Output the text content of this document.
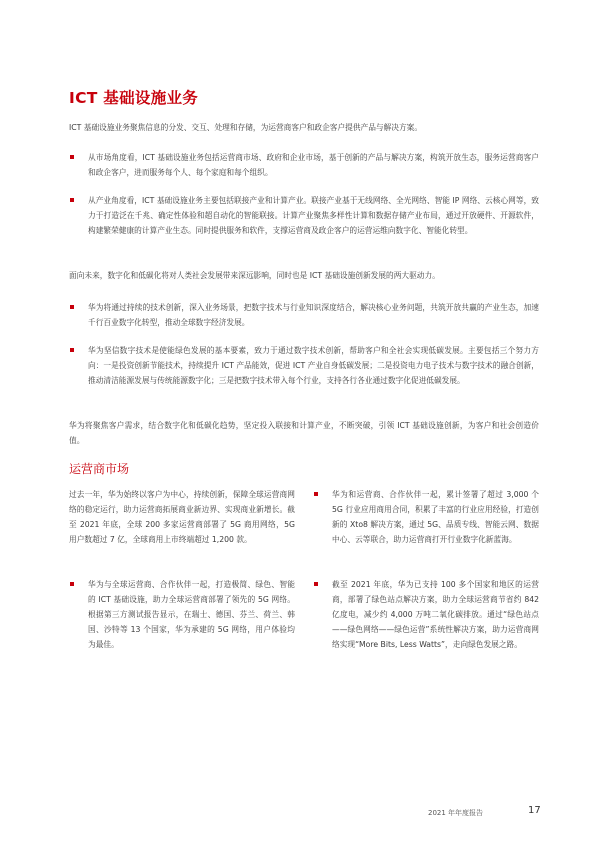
ICT 基础设施业务

ICT 基础设施业务聚焦信息的分发、交互、处理和存储，为运营商客户和政企客户提供产品与解决方案。

从市场角度看，ICT 基础设施业务包括运营商市场、政府和企业市场，基于创新的产品与解决方案，构筑开放生态，服务运营商客户和政企客户，进而服务每个人、每个家庭和每个组织。
从产业角度看，ICT 基础设施业务主要包括联接产业和计算产业。联接产业基于无线网络、全光网络、智能 IP 网络、云核心网等，致力于打造泛在千兆、确定性体验和超自动化的智能联接。计算产业聚焦多样性计算和数据存储产业布局，通过开放硬件、开源软件，构建繁荣健康的计算产业生态。同时提供服务和软件，支撑运营商及政企客户的运营运维向数字化、智能化转型。

面向未来，数字化和低碳化将对人类社会发展带来深远影响，同时也是 ICT 基础设施创新发展的两大驱动力。

华为将通过持续的技术创新，深入业务场景，把数字技术与行业知识深度结合，解决核心业务问题，共筑开放共赢的产业生态，加速千行百业数字化转型，推动全球数字经济发展。
华为坚信数字技术是使能绿色发展的基本要素，致力于通过数字技术创新，帮助客户和全社会实现低碳发展。主要包括三个努力方向：一是投资创新节能技术，持续提升 ICT 产品能效，促进 ICT 产业自身低碳发展；二是投资电力电子技术与数字技术的融合创新，推动清洁能源发展与传统能源数字化；三是把数字技术带入每个行业，支持各行各业通过数字化促进低碳发展。

华为将聚焦客户需求，结合数字化和低碳化趋势，坚定投入联接和计算产业，不断突破，引领 ICT 基础设施创新，为客户和社会创造价值。

运营商市场

过去一年，华为始终以客户为中心，持续创新，保障全球运营商网络的稳定运行，助力运营商拓展商业新边界、实现商业新增长。截至 2021 年底，全球 200 多家运营商部署了 5G 商用网络，5G 用户数超过 7 亿，全球商用上市终端超过 1,200 款。

华为与全球运营商、合作伙伴一起，打造极简、绿色、智能的 ICT 基础设施，助力全球运营商部署了领先的 5G 网络。根据第三方测试报告显示，在瑞士、德国、芬兰、荷兰、韩国、沙特等 13 个国家，华为承建的 5G 网络，用户体验均为最佳。
华为和运营商、合作伙伴一起，累计签署了超过 3,000 个 5G 行业应用商用合同，积累了丰富的行业应用经验，打造创新的 Xto8 解决方案，通过 5G、品质专线、智能云网、数据中心、云等联合，助力运营商打开行业数字化新蓝海。
截至 2021 年底，华为已支持 100 多个国家和地区的运营商，部署了绿色站点解决方案，助力全球运营商节省约 842 亿度电，减少约 4,000 万吨二氧化碳排放。通过“绿色站点——绿色网络——绿色运营”系统性解决方案，助力运营商网络实现“More Bits, Less Watts”，走向绿色发展之路。
2021 年年度报告	17
